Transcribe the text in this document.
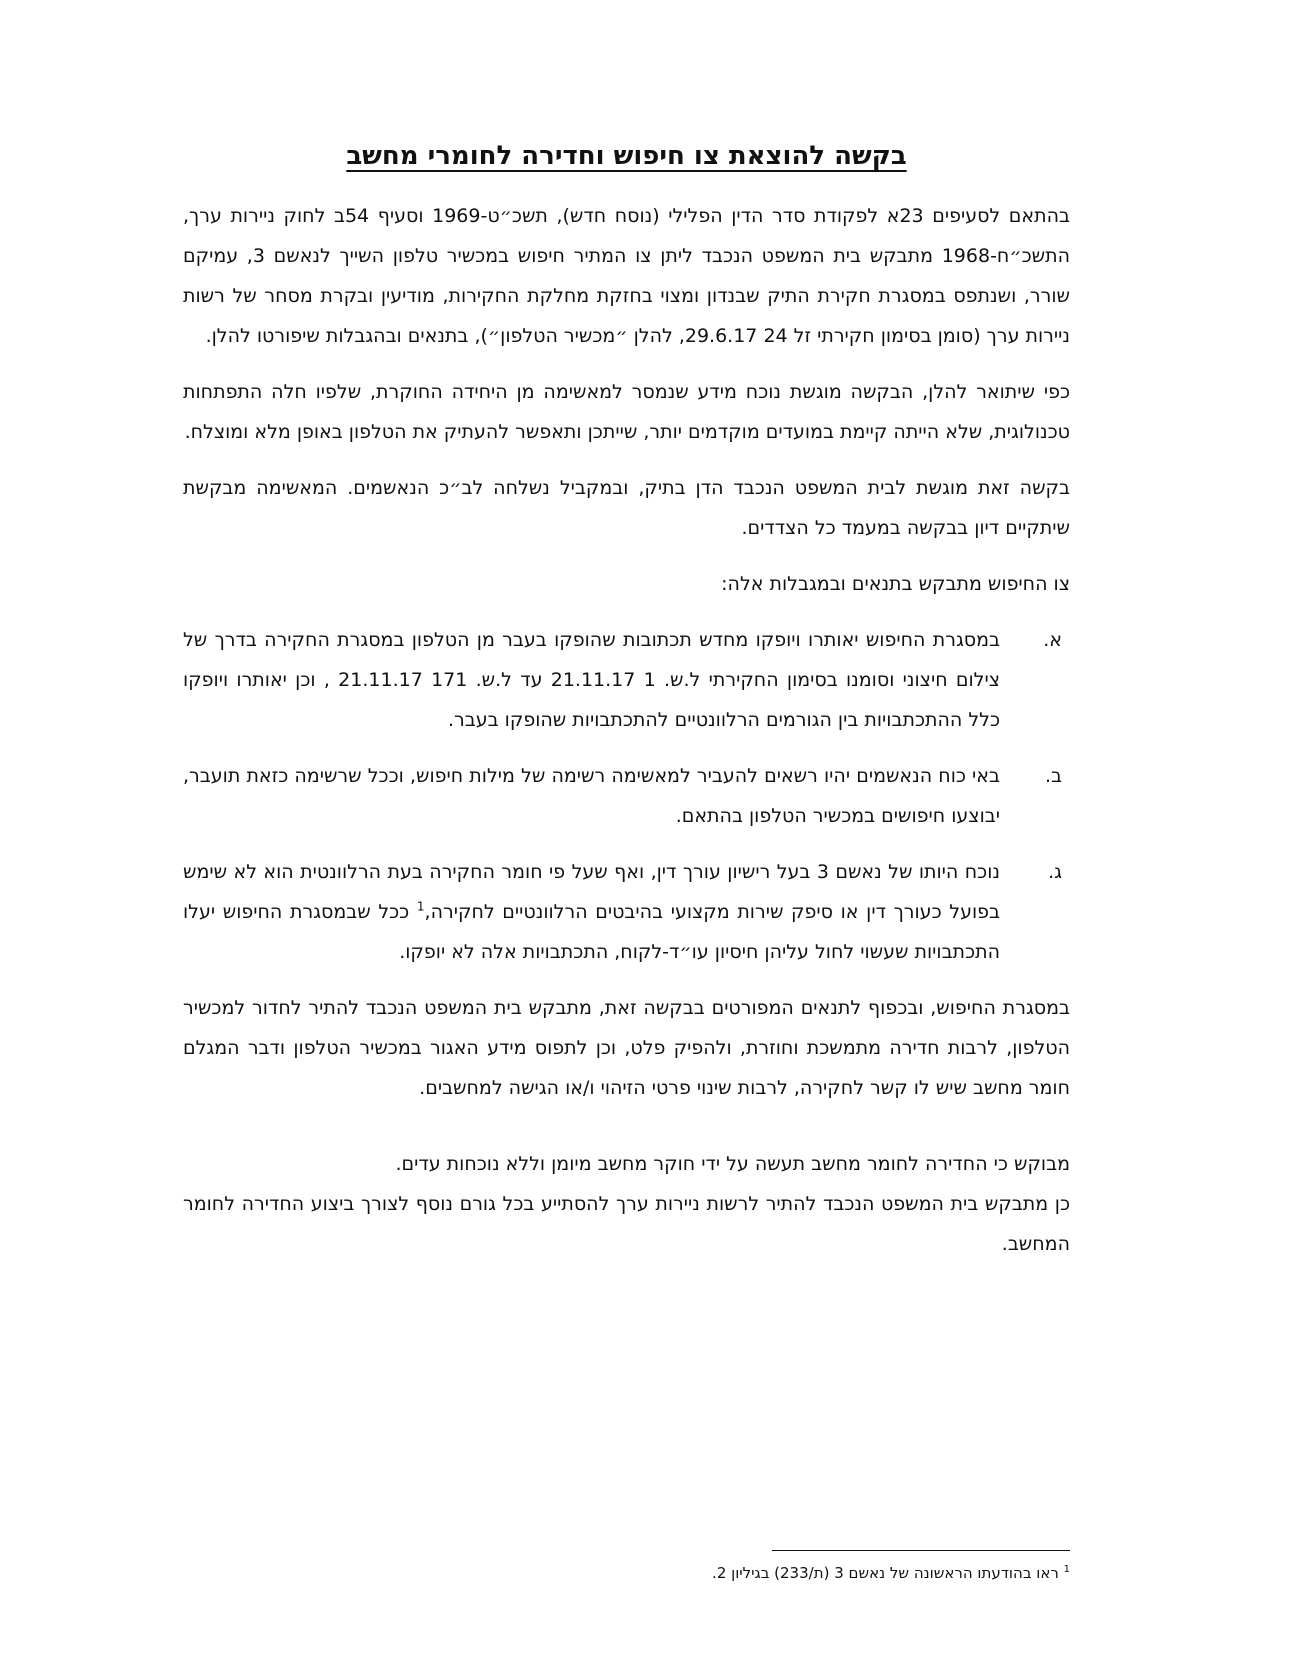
בקשה להוצאת צו חיפוש וחדירה לחומרי מחשב

בהתאם לסעיפים 23א לפקודת סדר הדין הפלילי (נוסח חדש), תשכ״ט-1969 וסעיף 54ב לחוק ניירות ערך, התשכ״ח-1968 מתבקש בית המשפט הנכבד ליתן צו המתיר חיפוש במכשיר טלפון השייך לנאשם 3, עמיקם שורר, ושנתפס במסגרת חקירת התיק שבנדון ומצוי בחזקת מחלקת החקירות, מודיעין ובקרת מסחר של רשות ניירות ערך (סומן בסימון חקירתי זל 24 29.6.17, להלן ״מכשיר הטלפון״), בתנאים ובהגבלות שיפורטו להלן.

כפי שיתואר להלן, הבקשה מוגשת נוכח מידע שנמסר למאשימה מן היחידה החוקרת, שלפיו חלה התפתחות טכנולוגית, שלא הייתה קיימת במועדים מוקדמים יותר, שייתכן ותאפשר להעתיק את הטלפון באופן מלא ומוצלח.

בקשה זאת מוגשת לבית המשפט הנכבד הדן בתיק, ובמקביל נשלחה לב״כ הנאשמים. המאשימה מבקשת שיתקיים דיון בבקשה במעמד כל הצדדים.

צו החיפוש מתבקש בתנאים ובמגבלות אלה:

א.
במסגרת החיפוש יאותרו ויופקו מחדש תכתובות שהופקו בעבר מן הטלפון במסגרת החקירה בדרך של צילום חיצוני וסומנו בסימון החקירתי ל.ש. 1 21.11.17 עד ל.ש. 171 21.11.17 , וכן יאותרו ויופקו כלל ההתכתבויות בין הגורמים הרלוונטיים להתכתבויות שהופקו בעבר.
ב.
באי כוח הנאשמים יהיו רשאים להעביר למאשימה רשימה של מילות חיפוש, וככל שרשימה כזאת תועבר, יבוצעו חיפושים במכשיר הטלפון בהתאם.
ג.
נוכח היותו של נאשם 3 בעל רישיון עורך דין, ואף שעל פי חומר החקירה בעת הרלוונטית הוא לא שימש בפועל כעורך דין או סיפק שירות מקצועי בהיבטים הרלוונטיים לחקירה,$^1$ ככל שבמסגרת החיפוש יעלו התכתבויות שעשוי לחול עליהן חיסיון עו״ד-לקוח, התכתבויות אלה לא יופקו.

במסגרת החיפוש, ובכפוף לתנאים המפורטים בבקשה זאת, מתבקש בית המשפט הנכבד להתיר לחדור למכשיר הטלפון, לרבות חדירה מתמשכת וחוזרת, ולהפיק פלט, וכן לתפוס מידע האגור במכשיר הטלפון ודבר המגלם חומר מחשב שיש לו קשר לחקירה, לרבות שינוי פרטי הזיהוי ו/או הגישה למחשבים.

מבוקש כי החדירה לחומר מחשב תעשה על ידי חוקר מחשב מיומן וללא נוכחות עדים.

כן מתבקש בית המשפט הנכבד להתיר לרשות ניירות ערך להסתייע בכל גורם נוסף לצורך ביצוע החדירה לחומר המחשב.

$^1$ ראו בהודעתו הראשונה של נאשם 3 (ת/233) בגיליון 2.
